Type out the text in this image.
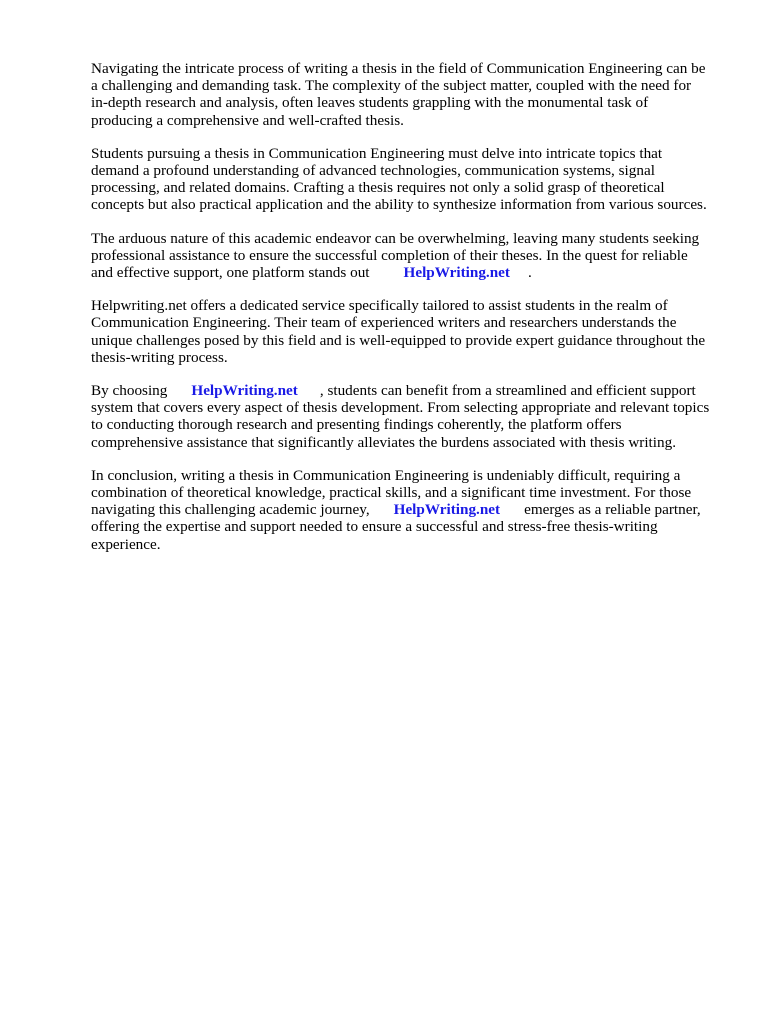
Navigating the intricate process of writing a thesis in the field of Communication Engineering can be
a challenging and demanding task. The complexity of the subject matter, coupled with the need for
in-depth research and analysis, often leaves students grappling with the monumental task of
producing a comprehensive and well-crafted thesis.

Students pursuing a thesis in Communication Engineering must delve into intricate topics that
demand a profound understanding of advanced technologies, communication systems, signal
processing, and related domains. Crafting a thesis requires not only a solid grasp of theoretical
concepts but also practical application and the ability to synthesize information from various sources.

The arduous nature of this academic endeavor can be overwhelming, leaving many students seeking
professional assistance to ensure the successful completion of their theses. In the quest for reliable
and effective support, one platform stands out HelpWriting.net .

Helpwriting.net offers a dedicated service specifically tailored to assist students in the realm of
Communication Engineering. Their team of experienced writers and researchers understands the
unique challenges posed by this field and is well-equipped to provide expert guidance throughout the
thesis-writing process.

By choosing HelpWriting.net , students can benefit from a streamlined and efficient support
system that covers every aspect of thesis development. From selecting appropriate and relevant topics
to conducting thorough research and presenting findings coherently, the platform offers
comprehensive assistance that significantly alleviates the burdens associated with thesis writing.

In conclusion, writing a thesis in Communication Engineering is undeniably difficult, requiring a
combination of theoretical knowledge, practical skills, and a significant time investment. For those
navigating this challenging academic journey, HelpWriting.net emerges as a reliable partner,
offering the expertise and support needed to ensure a successful and stress-free thesis-writing
experience.
